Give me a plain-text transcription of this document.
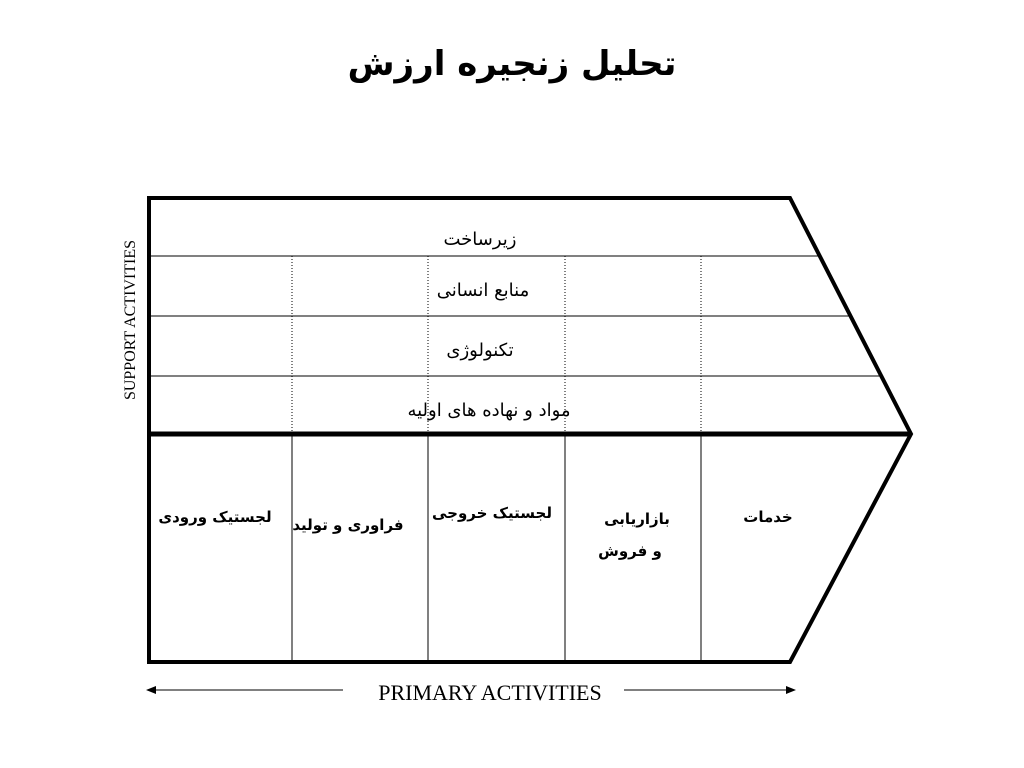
تحلیل زنجیره ارزش
زیرساخت
منابع انسانی
تکنولوژی
مواد و نهاده های اولیه
لجستیک ورودی فراوری و تولید
لجستیک خروجی	بازاریابی
و فروش
خدمات
SUPPORT ACTIVITIES
PRIMARY ACTIVITIES
